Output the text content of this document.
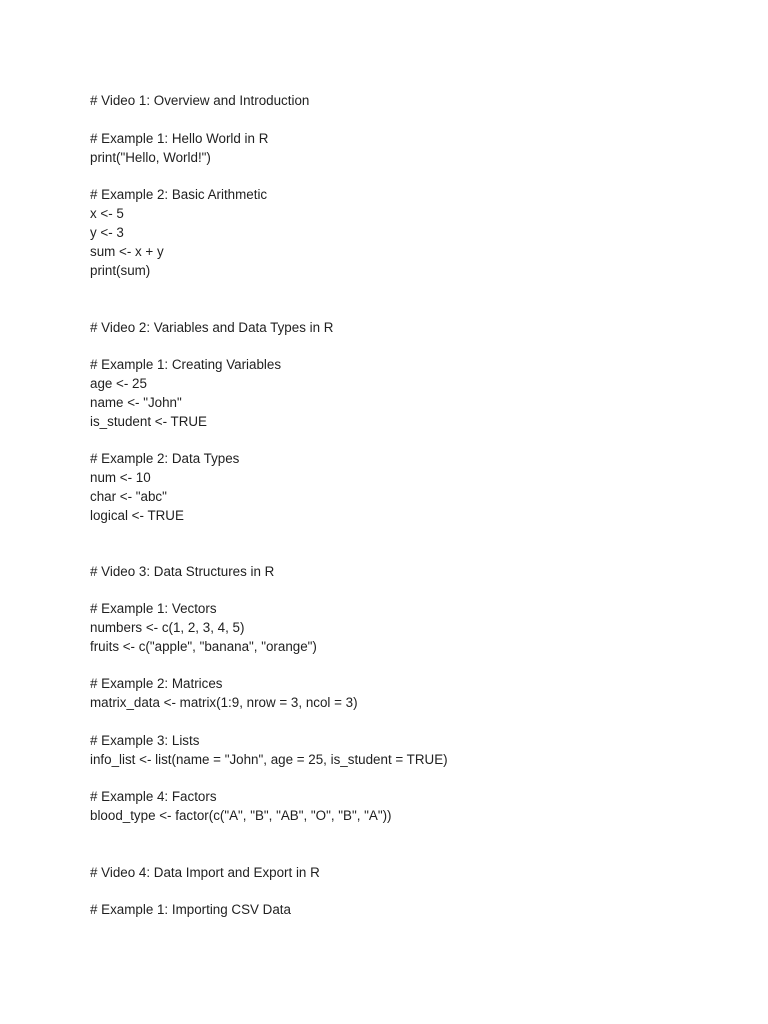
# Video 1: Overview and Introduction

# Example 1: Hello World in R

print("Hello, World!")

# Example 2: Basic Arithmetic

x <- 5

y <- 3

sum <- x + y

print(sum)

# Video 2: Variables and Data Types in R

# Example 1: Creating Variables

age <- 25

name <- "John"

is_student <- TRUE

# Example 2: Data Types

num <- 10

char <- "abc"

logical <- TRUE

# Video 3: Data Structures in R

# Example 1: Vectors

numbers <- c(1, 2, 3, 4, 5)

fruits <- c("apple", "banana", "orange")

# Example 2: Matrices

matrix_data <- matrix(1:9, nrow = 3, ncol = 3)

# Example 3: Lists

info_list <- list(name = "John", age = 25, is_student = TRUE)

# Example 4: Factors

blood_type <- factor(c("A", "B", "AB", "O", "B", "A"))

# Video 4: Data Import and Export in R

# Example 1: Importing CSV Data
